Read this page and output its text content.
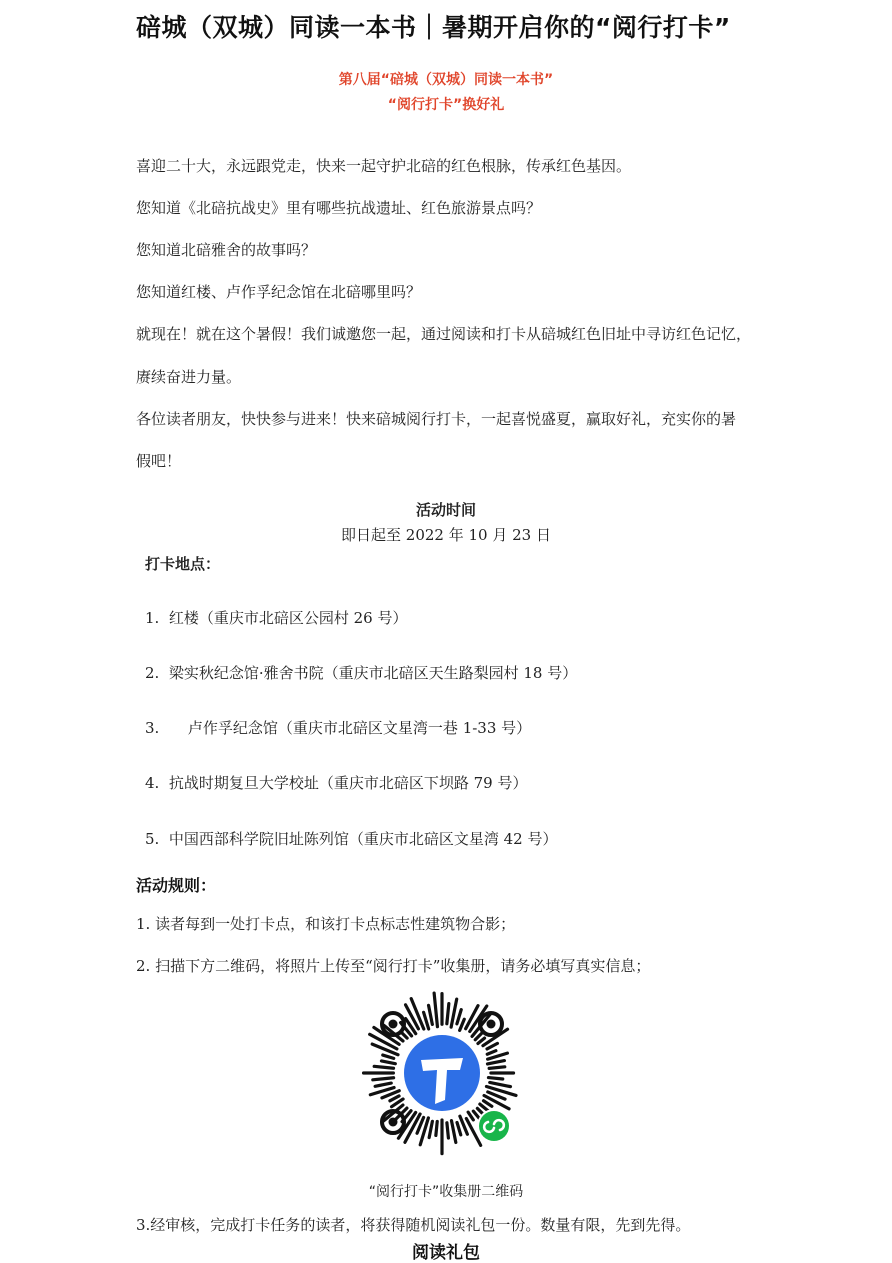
碚城（双城）同读一本书｜暑期开启你的“阅行打卡”
第八届“碚城（双城）同读一本书”
“阅行打卡”换好礼
喜迎二十大，永远跟党走，快来一起守护北碚的红色根脉，传承红色基因。
您知道《北碚抗战史》里有哪些抗战遗址、红色旅游景点吗？
您知道北碚雅舍的故事吗？
您知道红楼、卢作孚纪念馆在北碚哪里吗？
就现在！就在这个暑假！我们诚邀您一起，通过阅读和打卡从碚城红色旧址中寻访红色记忆，
赓续奋进力量。
各位读者朋友，快快参与进来！快来碚城阅行打卡，一起喜悦盛夏，赢取好礼，充实你的暑
假吧！
活动时间
即日起至 2022 年 10 月 23 日
打卡地点：
1.  红楼（重庆市北碚区公园村 26 号）
2.  梁实秋纪念馆·雅舍书院（重庆市北碚区天生路梨园村 18 号）
3.      卢作孚纪念馆（重庆市北碚区文星湾一巷 1-33 号）
4.  抗战时期复旦大学校址（重庆市北碚区下坝路 79 号）
5.  中国西部科学院旧址陈列馆（重庆市北碚区文星湾 42 号）
活动规则：
1. 读者每到一处打卡点，和该打卡点标志性建筑物合影；
2. 扫描下方二维码，将照片上传至“阅行打卡”收集册，请务必填写真实信息；
“阅行打卡”收集册二维码
3.经审核，完成打卡任务的读者，将获得随机阅读礼包一份。数量有限，先到先得。
阅读礼包
